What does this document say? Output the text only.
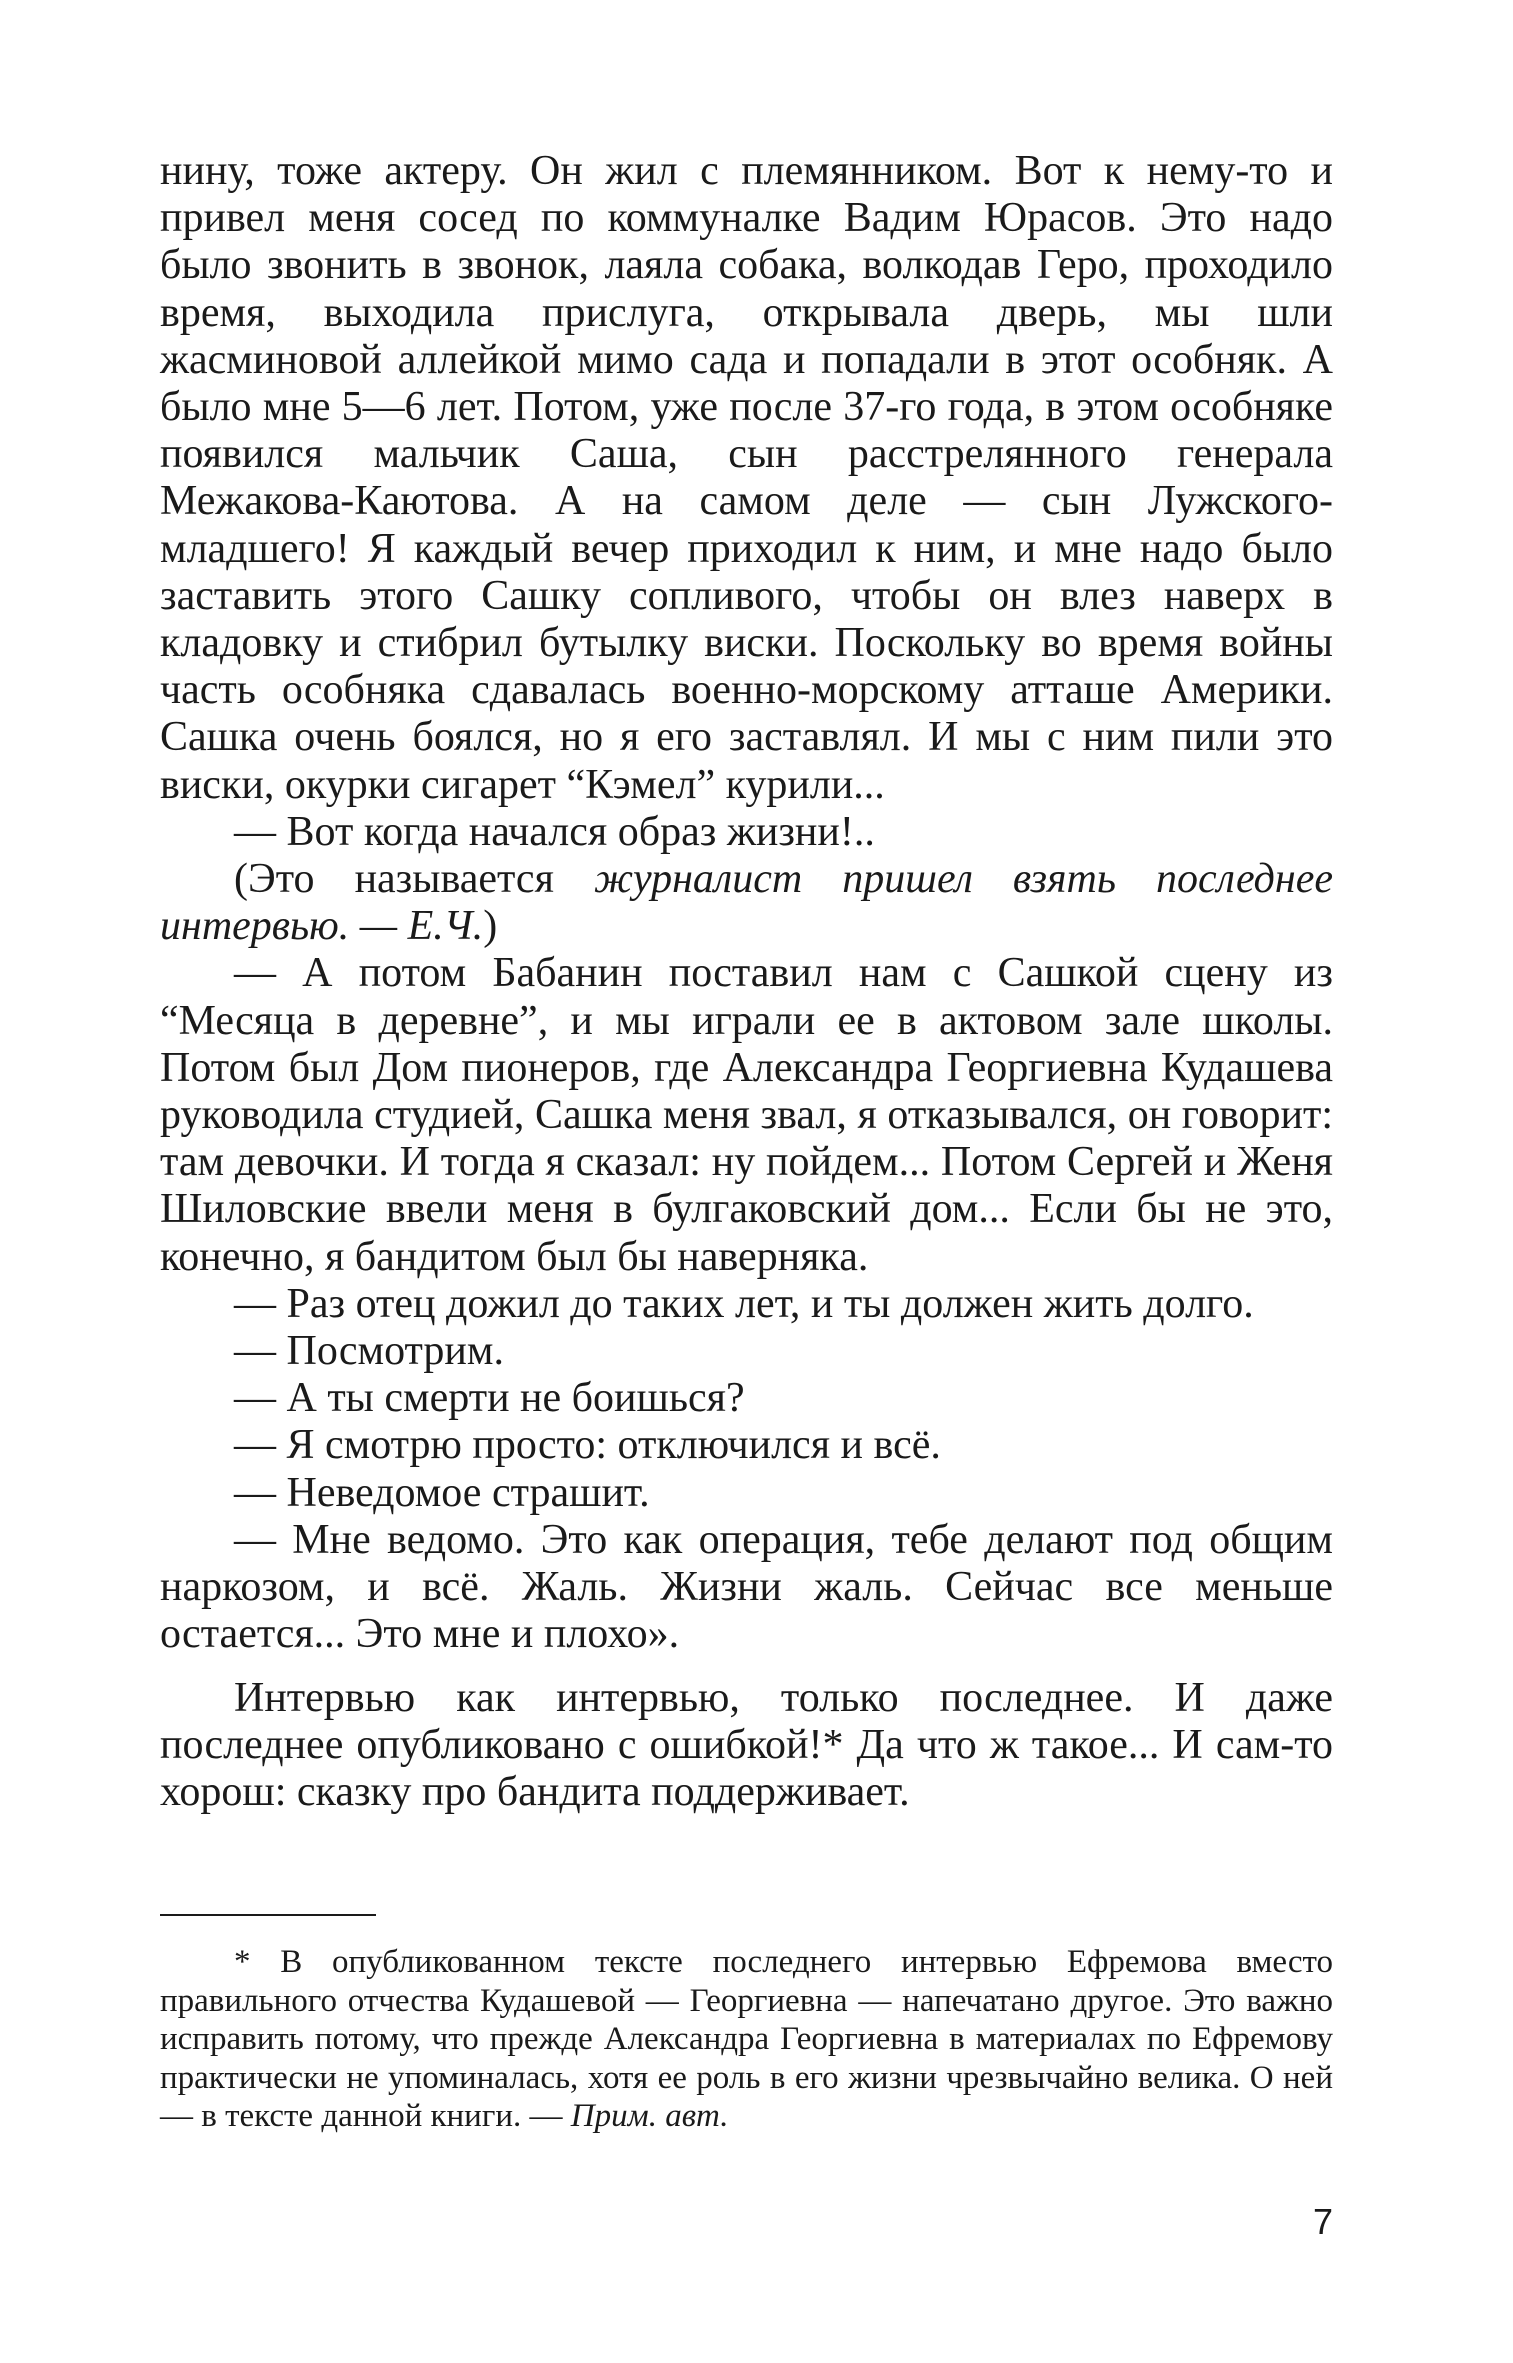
нину, тоже актеру. Он жил с племянником. Вот к нему-то и привел меня сосед по коммуналке Вадим Юрасов. Это надо было звонить в звонок, лаяла собака, волкодав Геро, проходило время, выходила прислуга, открывала дверь, мы шли жасминовой аллейкой мимо сада и попадали в этот особняк. А было мне 5—6 лет. Потом, уже после 37-го года, в этом особняке появился мальчик Саша, сын расстрелянного генерала Межакова-Каютова. А на самом деле — сын Лужского-младшего! Я каждый вечер приходил к ним, и мне надо было заставить этого Сашку сопливого, чтобы он влез наверх в кладовку и стибрил бутылку виски. Поскольку во время войны часть особняка сдавалась военно-морскому атташе Америки. Сашка очень боялся, но я его заставлял. И мы с ним пили это виски, окурки сигарет “Кэмел” курили...

— Вот когда начался образ жизни!..

(Это называется журналист пришел взять последнее интервью. — Е.Ч.)

— А потом Бабанин поставил нам с Сашкой сцену из “Месяца в деревне”, и мы играли ее в актовом зале школы. Потом был Дом пионеров, где Александра Георгиевна Кудашева руководила студией, Сашка меня звал, я отказывался, он говорит: там девочки. И тогда я сказал: ну пойдем... Потом Сергей и Женя Шиловские ввели меня в булгаковский дом... Если бы не это, конечно, я бандитом был бы наверняка.

— Раз отец дожил до таких лет, и ты должен жить долго.

— Посмотрим.

— А ты смерти не боишься?

— Я смотрю просто: отключился и всё.

— Неведомое страшит.

— Мне ведомо. Это как операция, тебе делают под общим наркозом, и всё. Жаль. Жизни жаль. Сейчас все меньше остается... Это мне и плохо».

Интервью как интервью, только последнее. И даже последнее опубликовано с ошибкой!* Да что ж такое... И сам-то хорош: сказку про бандита поддерживает.

* В опубликованном тексте последнего интервью Ефремова вместо правильного отчества Кудашевой — Георгиевна — напечатано другое. Это важно исправить потому, что прежде Александра Георгиевна в материалах по Ефремову практически не упоминалась, хотя ее роль в его жизни чрезвычайно велика. О ней — в тексте данной книги. — Прим. авт.
7
